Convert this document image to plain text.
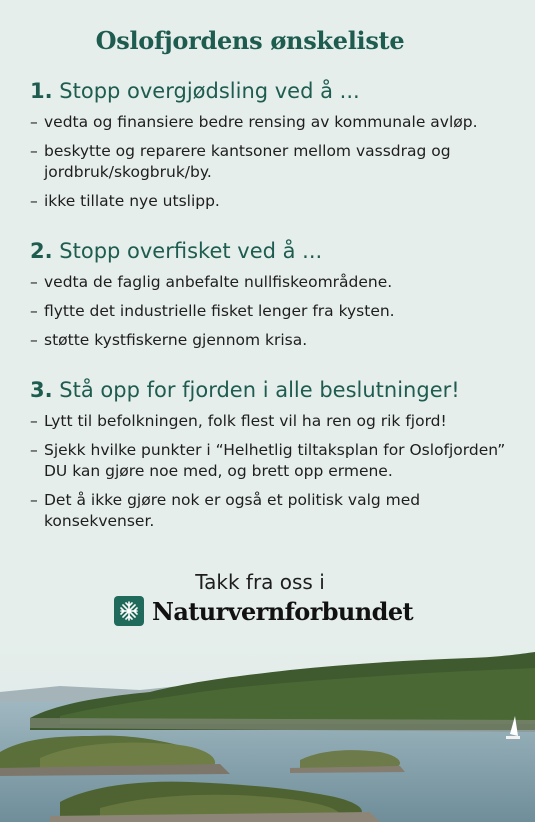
Oslofjordens ønskeliste
1. Stopp overgjødsling ved å ...
– vedta og finansiere bedre rensing av kommunale avløp.
– beskytte og reparere kantsoner mellom vassdrag og jordbruk/skogbruk/by.
– ikke tillate nye utslipp.
2. Stopp overfisket ved å ...
– vedta de faglig anbefalte nullfiskeområdene.
– flytte det industrielle fisket lenger fra kysten.
– støtte kystfiskerne gjennom krisa.
3. Stå opp for fjorden i alle beslutninger!
– Lytt til befolkningen, folk flest vil ha ren og rik fjord!
– Sjekk hvilke punkter i “Helhetlig tiltaksplan for Oslofjorden” DU kan gjøre noe med, og brett opp ermene.
– Det å ikke gjøre nok er også et politisk valg med konsekvenser.
Takk fra oss i
Naturvernforbundet
